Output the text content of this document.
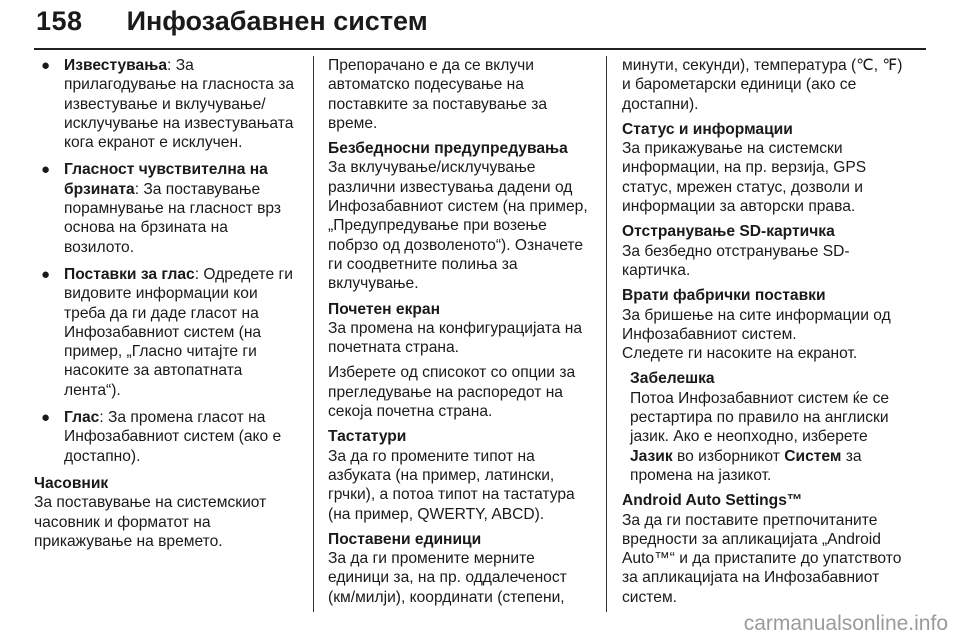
158 Инфозабавнен систем
● Известувања: За прилагодување на гласноста за известување и вклучување/исклучување на известувањата кога екранот е исклучен.
● Гласност чувствителна на брзината: За поставување порамнување на гласност врз основа на брзината на возилото.
● Поставки за глас: Одредете ги видовите информации кои треба да ги даде гласот на Инфозабавниот систем (на пример, „Гласно читајте ги насоките за автопатната лента“).
● Глас: За промена гласот на Инфозабавниот систем (ако е достапно).
Часовник
За поставување на системскиот часовник и форматот на прикажување на времето.
Препорачано е да се вклучи автоматско подесување на поставките за поставување за време.
Безбедносни предупредувања
За вклучување/исклучување различни известувања дадени од Инфозабавниот систем (на пример, „Предупредување при возење побрзо од дозволеното“). Означете ги соодветните полиња за вклучување.
Почетен екран
За промена на конфигурацијата на почетната страна.
Изберете од списокот со опции за прегледување на распоредот на секоја почетна страна.
Тастатури
За да го промените типот на азбуката (на пример, латински, грчки), а потоа типот на тастатура (на пример, QWERTY, ABCD).
Поставени единици
За да ги промените мерните единици за, на пр. оддалеченост (км/милји), координати (степени,
минути, секунди), температура (℃, ℉) и барометарски единици (ако се достапни).
Статус и информации
За прикажување на системски информации, на пр. верзија, GPS статус, мрежен статус, дозволи и информации за авторски права.
Отстранување SD-картичка
За безбедно отстранување SD-картичка.
Врати фабрички поставки
За бришење на сите информации од Инфозабавниот систем.
Следете ги насоките на екранот.
Забелешка
Потоа Инфозабавниот систем ќе се рестартира по правило на англиски јазик. Ако е неопходно, изберете Јазик во изборникот Систем за промена на јазикот.
Android Auto Settings™
За да ги поставите претпочитаните вредности за апликацијата „Android Auto™“ и да пристапите до упатството за апликацијата на Инфозабавниот систем.
carmanualsonline.info
